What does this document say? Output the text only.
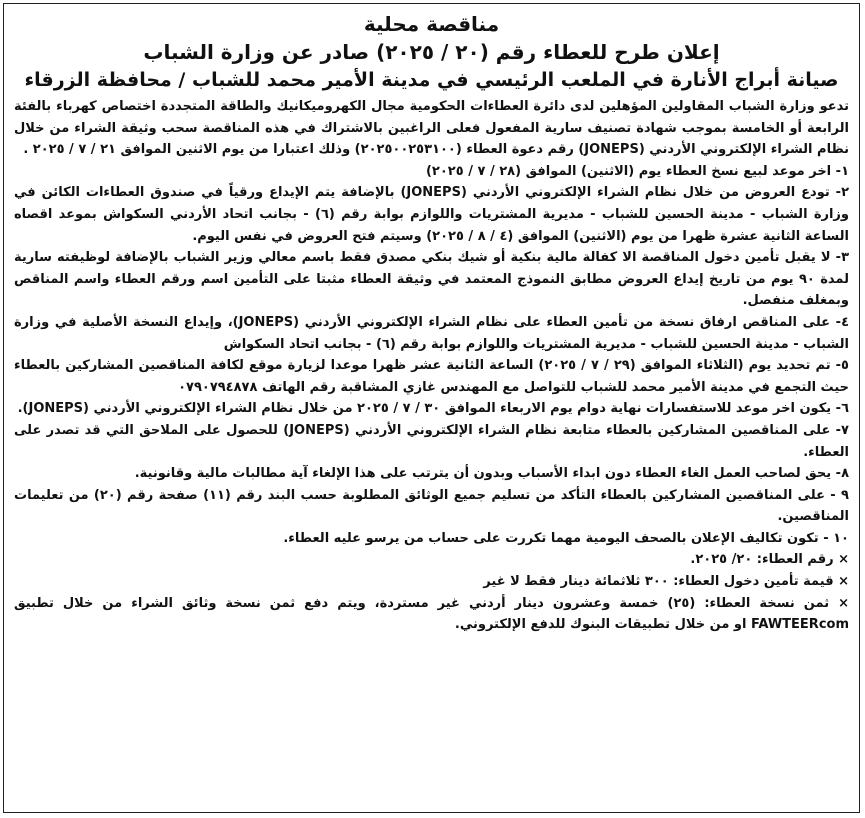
مناقصة محلية

إعلان طرح للعطاء رقم (٢٠ / ٢٠٢٥) صادر عن وزارة الشباب

صيانة أبراج الأنارة في الملعب الرئيسي في مدينة الأمير محمد للشباب / محافظة الزرقاء

تدعو وزارة الشباب المقاولين المؤهلين لدى دائرة العطاءات الحكومية مجال الكهروميكانيك والطاقة المتجددة اختصاص كهرباء بالفئة الرابعة أو الخامسة بموجب شهادة تصنيف سارية المفعول فعلى الراغبين بالاشتراك في هذه المناقصة سحب وثيقة الشراء من خلال نظام الشراء الإلكتروني الأردني (JONEPS) رقم دعوة العطاء (٢٠٢٥٠٠٢٥٣١٠٠) وذلك اعتبارا من يوم الاثنين الموافق ٢١ / ٧ / ٢٠٢٥ .

١- اخر موعد لبيع نسخ العطاء يوم (الاثنين) الموافق (٢٨ / ٧ / ٢٠٢٥)

٢- تودع العروض من خلال نظام الشراء الإلكتروني الأردني (JONEPS) بالإضافة يتم الإيداع ورقياً في صندوق العطاءات الكائن في وزارة الشباب - مدينة الحسين للشباب - مديرية المشتريات واللوازم بوابة رقم (٦) - بجانب اتحاد الأردني السكواش بموعد اقصاه الساعة الثانية عشرة ظهرا من يوم (الاثنين) الموافق (٤ / ٨ / ٢٠٢٥) وسيتم فتح العروض في نفس اليوم.

٣- لا يقبل تأمين دخول المناقصة الا كفالة مالية بنكية أو شيك بنكي مصدق فقط باسم معالي وزير الشباب بالإضافة لوظيفته سارية لمدة ٩٠ يوم من تاريخ إيداع العروض مطابق النموذج المعتمد في وثيقة العطاء مثبتا على التأمين اسم ورقم العطاء واسم المناقص وبمغلف منفصل.

٤- على المناقص ارفاق نسخة من تأمين العطاء على نظام الشراء الإلكتروني الأردني (JONEPS)، وإيداع النسخة الأصلية في وزارة الشباب - مدينة الحسين للشباب - مديرية المشتريات واللوازم بوابة رقم (٦) - بجانب اتحاد السكواش

٥- تم تحديد يوم (الثلاثاء الموافق (٢٩ / ٧ / ٢٠٢٥) الساعة الثانية عشر ظهرا موعدا لزيارة موقع لكافة المناقصين المشاركين بالعطاء حيث التجمع في مدينة الأمير محمد للشباب للتواصل مع المهندس غازي المشاقبة رقم الهاتف ٠٧٩٠٧٩٤٨٧٨

٦- يكون اخر موعد للاستفسارات نهاية دوام يوم الاربعاء الموافق ٣٠ / ٧ / ٢٠٢٥ من خلال نظام الشراء الإلكتروني الأردني (JONEPS).

٧- على المناقصين المشاركين بالعطاء متابعة نظام الشراء الإلكتروني الأردني (JONEPS) للحصول على الملاحق التي قد تصدر على العطاء.

٨- يحق لصاحب العمل الغاء العطاء دون ابداء الأسباب وبدون أن يترتب على هذا الإلغاء آية مطالبات مالية وقانونية.

٩ - على المناقصين المشاركين بالعطاء التأكد من تسليم جميع الوثائق المطلوبة حسب البند رقم (١١) صفحة رقم (٢٠) من تعليمات المناقصين.

١٠ - تكون تكاليف الإعلان بالصحف اليومية مهما تكررت على حساب من يرسو عليه العطاء.

× رقم العطاء: ٢٠/ ٢٠٢٥.

× قيمة تأمين دخول العطاء: ٣٠٠ ثلاثمائة دينار فقط لا غير

× ثمن نسخة العطاء: (٢٥) خمسة وعشرون دينار أردني غير مستردة، ويتم دفع ثمن نسخة وثائق الشراء من خلال تطبيق FAWTEERcom او من خلال تطبيقات البنوك للدفع الإلكتروني.
